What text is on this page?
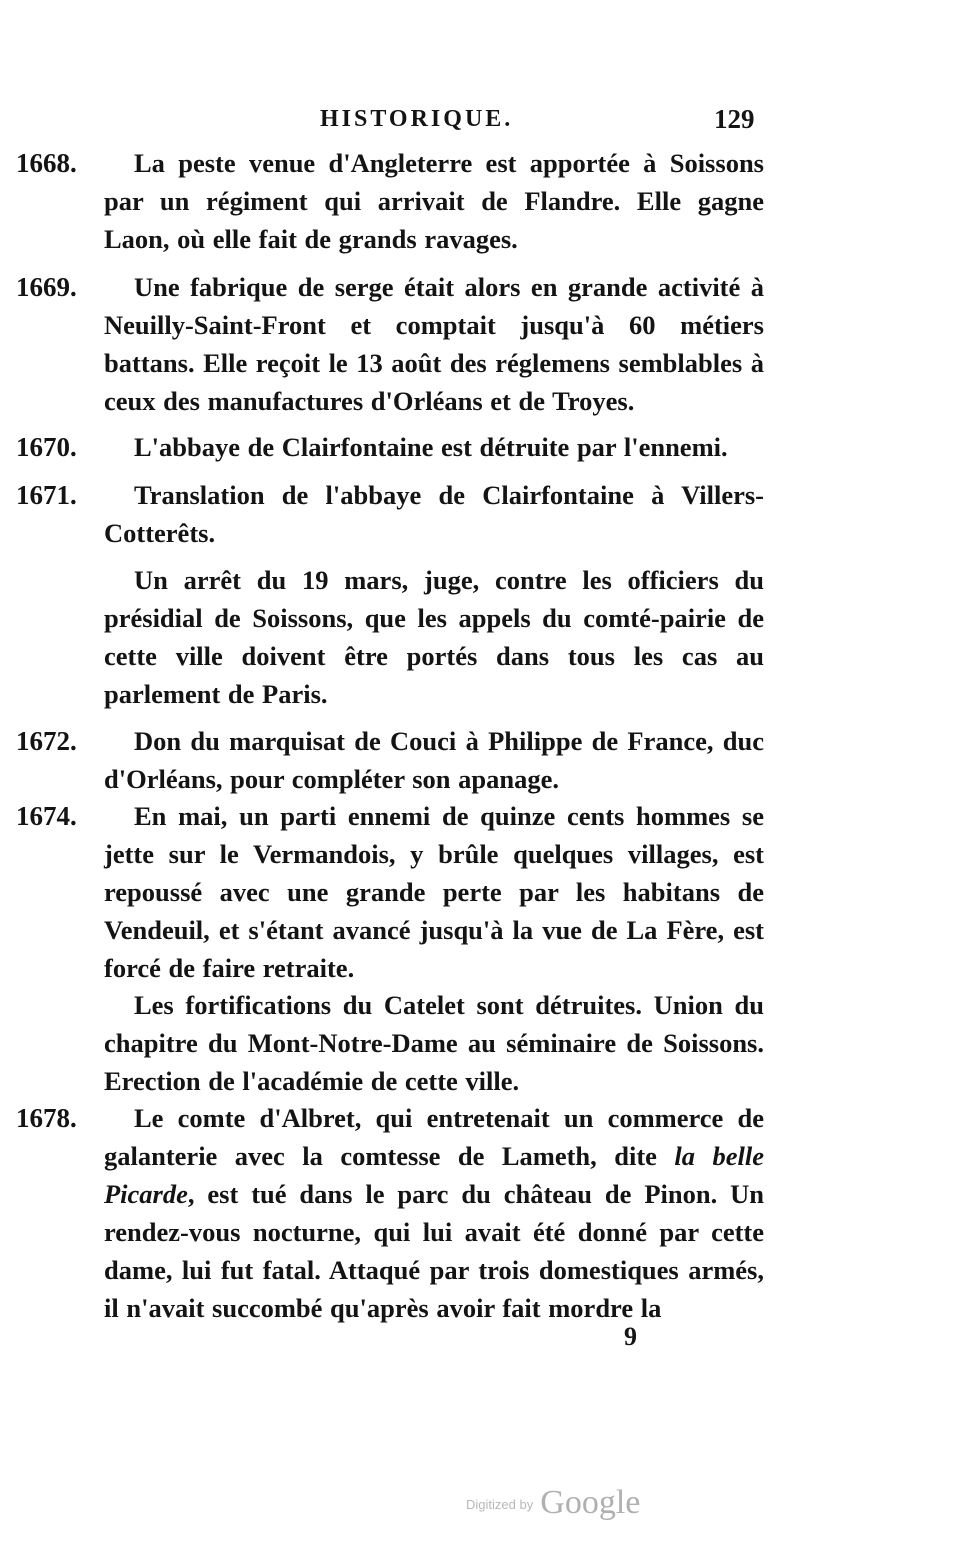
HISTORIQUE.	129
1668.	La peste venue d'Angleterre est apportée à Soissons par un régiment qui arrivait de Flandre. Elle gagne Laon, où elle fait de grands ravages.
1669.	Une fabrique de serge était alors en grande activité à Neuilly-Saint-Front et comptait jusqu'à 60 métiers battans. Elle reçoit le 13 août des réglemens semblables à ceux des manufactures d'Orléans et de Troyes.
1670.	L'abbaye de Clairfontaine est détruite par l'ennemi.
1671.	Translation de l'abbaye de Clairfontaine à Villers-Cotterêts.
Un arrêt du 19 mars, juge, contre les officiers du présidial de Soissons, que les appels du comté-pairie de cette ville doivent être portés dans tous les cas au parlement de Paris.
1672.	Don du marquisat de Couci à Philippe de France, duc d'Orléans, pour compléter son apanage.
1674.	En mai, un parti ennemi de quinze cents hommes se jette sur le Vermandois, y brûle quelques villages, est repoussé avec une grande perte par les habitans de Vendeuil, et s'étant avancé jusqu'à la vue de La Fère, est forcé de faire retraite.
Les fortifications du Catelet sont détruites. Union du chapitre du Mont-Notre-Dame au séminaire de Soissons. Erection de l'académie de cette ville.
1678.	Le comte d'Albret, qui entretenait un commerce de galanterie avec la comtesse de Lameth, dite la belle Picarde, est tué dans le parc du château de Pinon. Un rendez-vous nocturne, qui lui avait été donné par cette dame, lui fut fatal. Attaqué par trois domestiques armés, il n'avait succombé qu'après avoir fait mordre la
9
Digitized by Google
